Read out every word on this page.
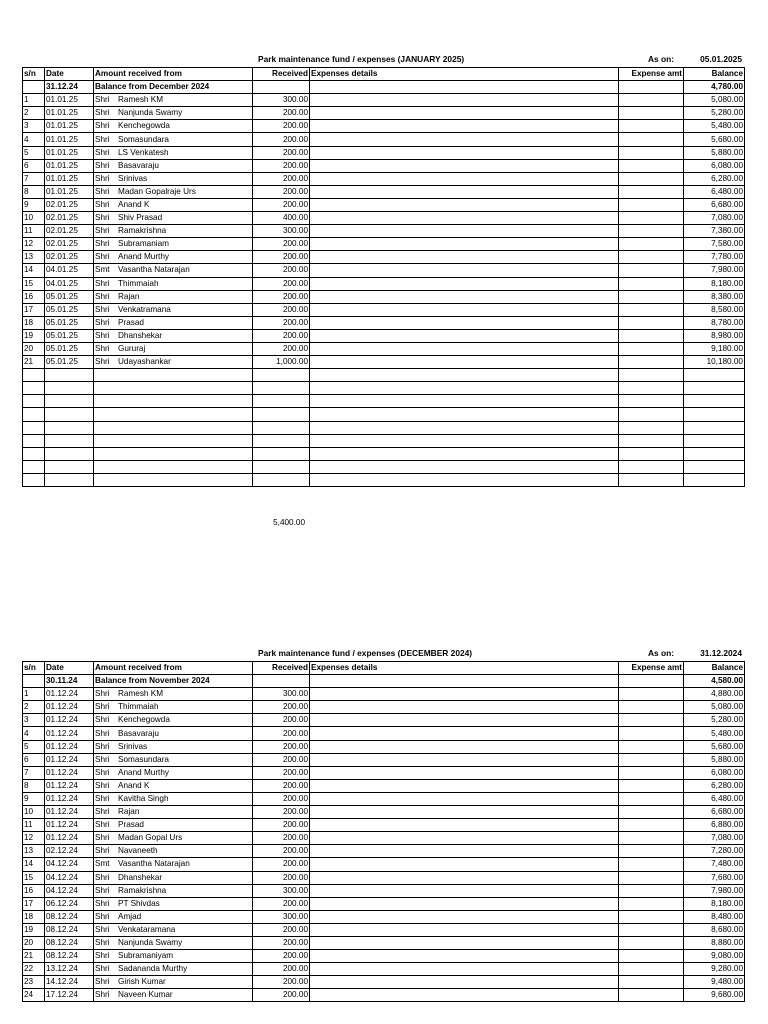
Park maintenance fund / expenses (JANUARY 2025)	As on:	05.01.2025
s/n	Date	Amount received from	Received	Expenses details	Expense amt	Balance
	31.12.24	Balance from December 2024				4,780.00
1	01.01.25	Shri Ramesh KM	300.00			5,080.00
2	01.01.25	Shri Nanjunda Swamy	200.00			5,280.00
3	01.01.25	Shri Kenchegowda	200.00			5,480.00
4	01.01.25	Shri Somasundara	200.00			5,680.00
5	01.01.25	Shri LS Venkatesh	200.00			5,880.00
6	01.01.25	Shri Basavaraju	200.00			6,080.00
7	01.01.25	Shri Srinivas	200.00			6,280.00
8	01.01.25	Shri Madan Gopalraje Urs	200.00			6,480.00
9	02.01.25	Shri Anand K	200.00			6,680.00
10	02.01.25	Shri Shiv Prasad	400.00			7,080.00
11	02.01.25	Shri Ramakrishna	300.00			7,380.00
12	02.01.25	Shri Subramaniam	200.00			7,580.00
13	02.01.25	Shri Anand Murthy	200.00			7,780.00
14	04.01.25	Smt Vasantha Natarajan	200.00			7,980.00
15	04.01.25	Shri Thimmaiah	200.00			8,180.00
16	05.01.25	Shri Rajan	200.00			8,380.00
17	05.01.25	Shri Venkatramana	200.00			8,580.00
18	05.01.25	Shri Prasad	200.00			8,780.00
19	05.01.25	Shri Dhanshekar	200.00			8,980.00
20	05.01.25	Shri Gururaj	200.00			9,180.00
21	05.01.25	Shri Udayashankar	1,000.00			10,180.00

5,400.00
Park maintenance fund / expenses (DECEMBER 2024)	As on:	31.12.2024
s/n	Date	Amount received from	Received	Expenses details	Expense amt	Balance
	30.11.24	Balance from November 2024				4,580.00
1	01.12.24	Shri Ramesh KM	300.00			4,880.00
2	01.12.24	Shri Thimmaiah	200.00			5,080.00
3	01.12.24	Shri Kenchegowda	200.00			5,280.00
4	01.12.24	Shri Basavaraju	200.00			5,480.00
5	01.12.24	Shri Srinivas	200.00			5,680.00
6	01.12.24	Shri Somasundara	200.00			5,880.00
7	01.12.24	Shri Anand Murthy	200.00			6,080.00
8	01.12.24	Shri Anand K	200.00			6,280.00
9	01.12.24	Shri Kavitha Singh	200.00			6,480.00
10	01.12.24	Shri Rajan	200.00			6,680.00
11	01.12.24	Shri Prasad	200.00			6,880.00
12	01.12.24	Shri Madan Gopal Urs	200.00			7,080.00
13	02.12.24	Shri Navaneeth	200.00			7,280.00
14	04.12.24	Smt Vasantha Natarajan	200.00			7,480.00
15	04.12.24	Shri Dhanshekar	200.00			7,680.00
16	04.12.24	Shri Ramakrishna	300.00			7,980.00
17	06.12.24	Shri PT Shivdas	200.00			8,180.00
18	08.12.24	Shri Amjad	300.00			8,480.00
19	08.12.24	Shri Venkataramana	200.00			8,680.00
20	08.12.24	Shri Nanjunda Swamy	200.00			8,880.00
21	08.12.24	Shri Subramaniyam	200.00			9,080.00
22	13.12.24	Shri Sadananda Murthy	200.00			9,280.00
23	14.12.24	Shri Girish Kumar	200.00			9,480.00
24	17.12.24	Shri Naveen Kumar	200.00			9,680.00
